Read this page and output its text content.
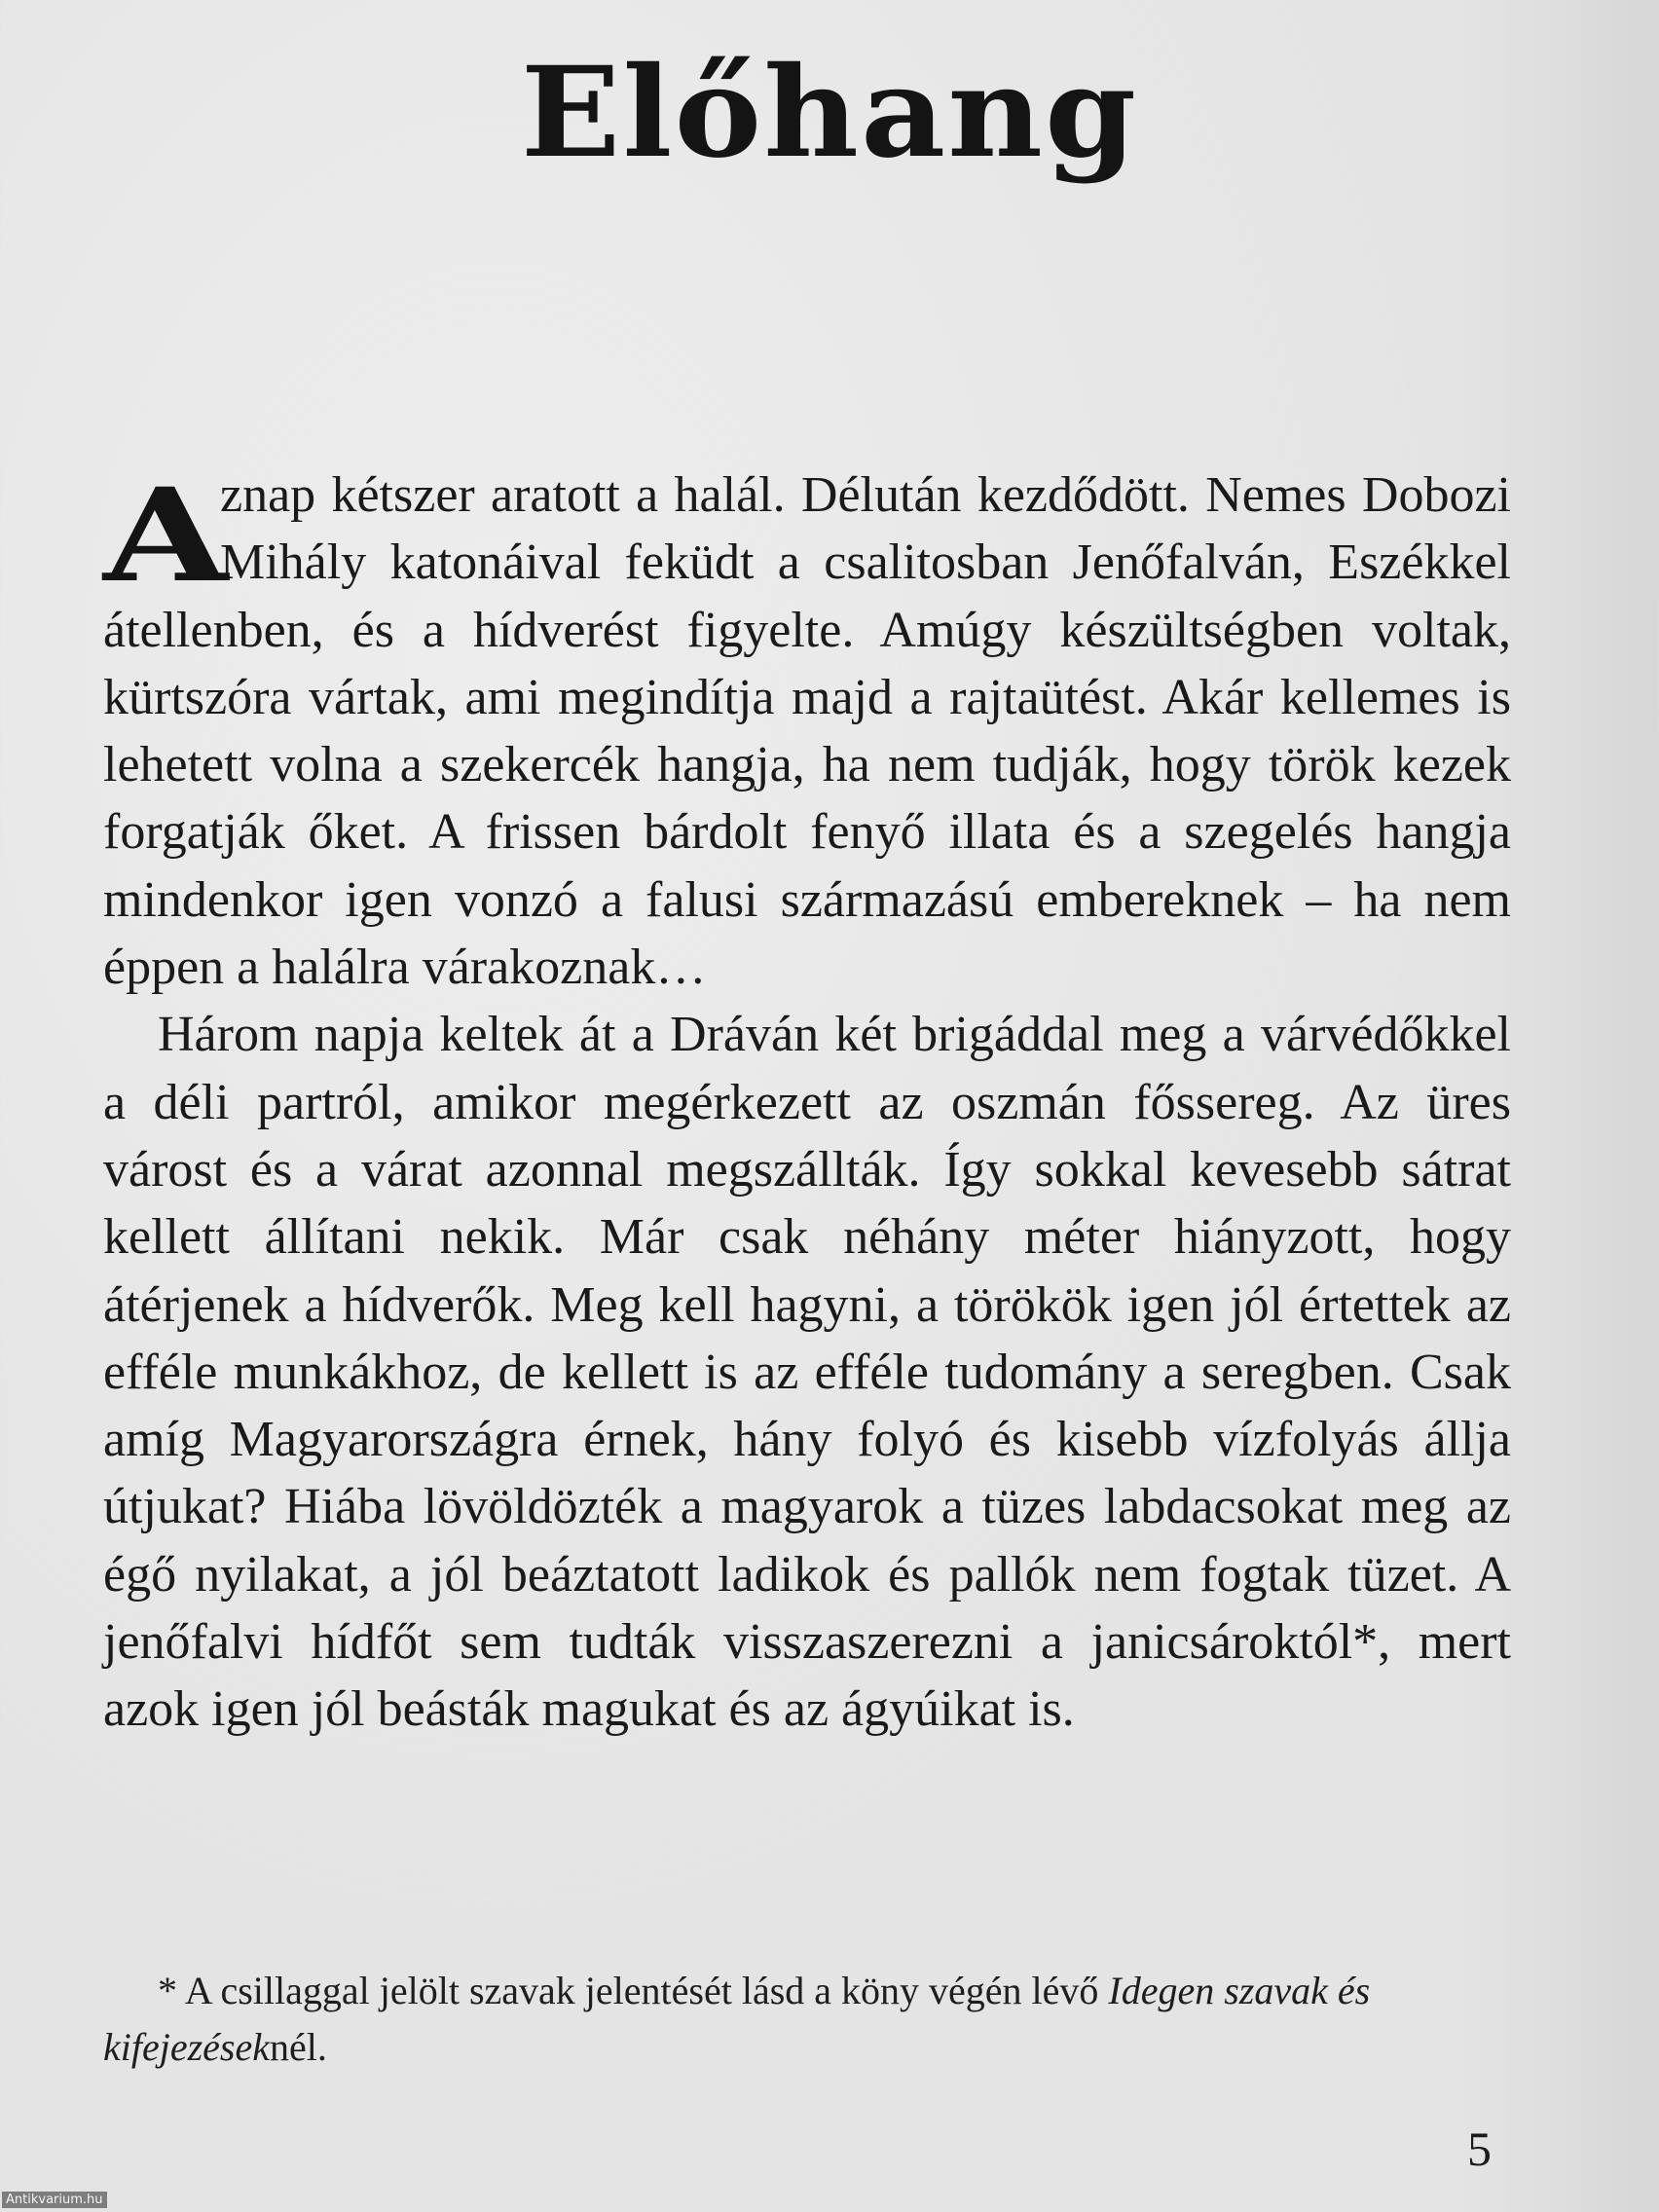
Előhang

A
znap kétszer aratott a halál. Délután kezdődött. Nemes Dobozi Mihály katonáival feküdt a csalitosban Jenőfalván, Eszékkel átellenben, és a hídverést figyelte. Amúgy készültségben voltak, kürtszóra vártak, ami megindítja majd a rajtaütést. Akár kellemes is lehetett volna a szekercék hangja, ha nem tudják, hogy török kezek forgatják őket. A frissen bárdolt fenyő illata és a szegelés hangja mindenkor igen vonzó a falusi származású embereknek – ha nem éppen a halálra várakoznak…

Három napja keltek át a Dráván két brigáddal meg a várvédőkkel a déli partról, amikor megérkezett az oszmán főssereg. Az üres várost és a várat azonnal megszállták. Így sokkal kevesebb sátrat kellett állítani nekik. Már csak néhány méter hiányzott, hogy átérjenek a hídverők. Meg kell hagyni, a törökök igen jól értettek az efféle munkákhoz, de kellett is az efféle tudomány a seregben. Csak amíg Magyarországra érnek, hány folyó és kisebb vízfolyás állja útjukat? Hiába lövöldözték a magyarok a tüzes labdacsokat meg az égő nyilakat, a jól beáztatott ladikok és pallók nem fogtak tüzet. A jenőfalvi hídfőt sem tudták visszaszerezni a janicsároktól*, mert azok igen jól beásták magukat és az ágyúikat is.

* A csillaggal jelölt szavak jelentését lásd a köny végén lévő Idegen szavak és kifejezéseknél.
5
Antikvarium.hu
